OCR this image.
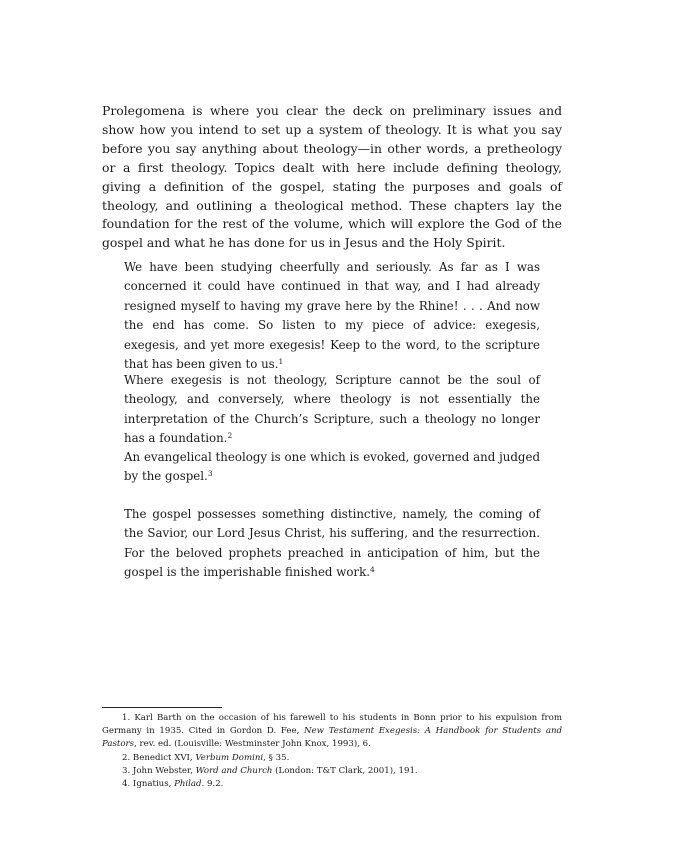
Prolegomena is where you clear the deck on preliminary issues and show how you intend to set up a system of theology. It is what you say before you say anything about theology—in other words, a pretheology or a first theology. Topics dealt with here include defining theology, giving a definition of the gospel, stating the purposes and goals of theology, and outlining a theological method. These chapters lay the foundation for the rest of the volume, which will explore the God of the gospel and what he has done for us in Jesus and the Holy Spirit.

We have been studying cheerfully and seriously. As far as I was concerned it could have continued in that way, and I had already resigned myself to having my grave here by the Rhine! . . . And now the end has come. So listen to my piece of advice: exegesis, exegesis, and yet more exegesis! Keep to the word, to the scripture that has been given to us.$^1$

Where exegesis is not theology, Scripture cannot be the soul of theology, and conversely, where theology is not essentially the interpretation of the Church’s Scripture, such a theology no longer has a foundation.$^2$

An evangelical theology is one which is evoked, governed and judged by the gospel.$^3$

The gospel possesses something distinctive, namely, the coming of the Savior, our Lord Jesus Christ, his suffering, and the resurrection. For the beloved prophets preached in anticipation of him, but the gospel is the imperishable finished work.$^4$

1. Karl Barth on the occasion of his farewell to his students in Bonn prior to his expulsion from Germany in 1935. Cited in Gordon D. Fee, New Testament Exegesis: A Handbook for Students and Pastors, rev. ed. (Louisville: Westminster John Knox, 1993), 6.

2. Benedict XVI, Verbum Domini, § 35.

3. John Webster, Word and Church (London: T&T Clark, 2001), 191.

4. Ignatius, Philad. 9.2.
